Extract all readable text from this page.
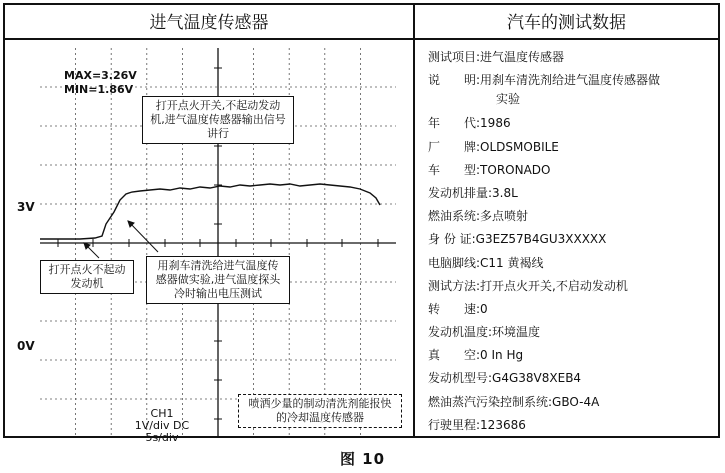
进气温度传感器	汽车的测试数据
MAX=3.26V
MIN=1.86V
打开点火开关,不起动发动机,进气温度传感器输出信号讲行
打开点火不起动发动机
用刹车清洗给进气温度传感器做实验,进气温度探头冷时输出电压测试
喷洒少量的制动清洗剂能报快的冷却温度传感器
CH1
1V/div DC
5s/div
3V
0V
测试项目:进气温度传感器
说　　明:用刹车清洗剂给进气温度传感器做
实验
年　　代:1986
厂　　牌:OLDSMOBILE
车　　型:TORONADO
发动机排量:3.8L
燃油系统:多点喷射
身 份 证:G3EZ57B4GU3XXXXX
电脑脚线:C11 黄褐线
测试方法:打开点火开关,不启动发动机
转　　速:0
发动机温度:环境温度
真　　空:0 In Hg
发动机型号:G4G38V8XEB4
燃油蒸汽污染控制系统:GBO-4A
行驶里程:123686
图 10
